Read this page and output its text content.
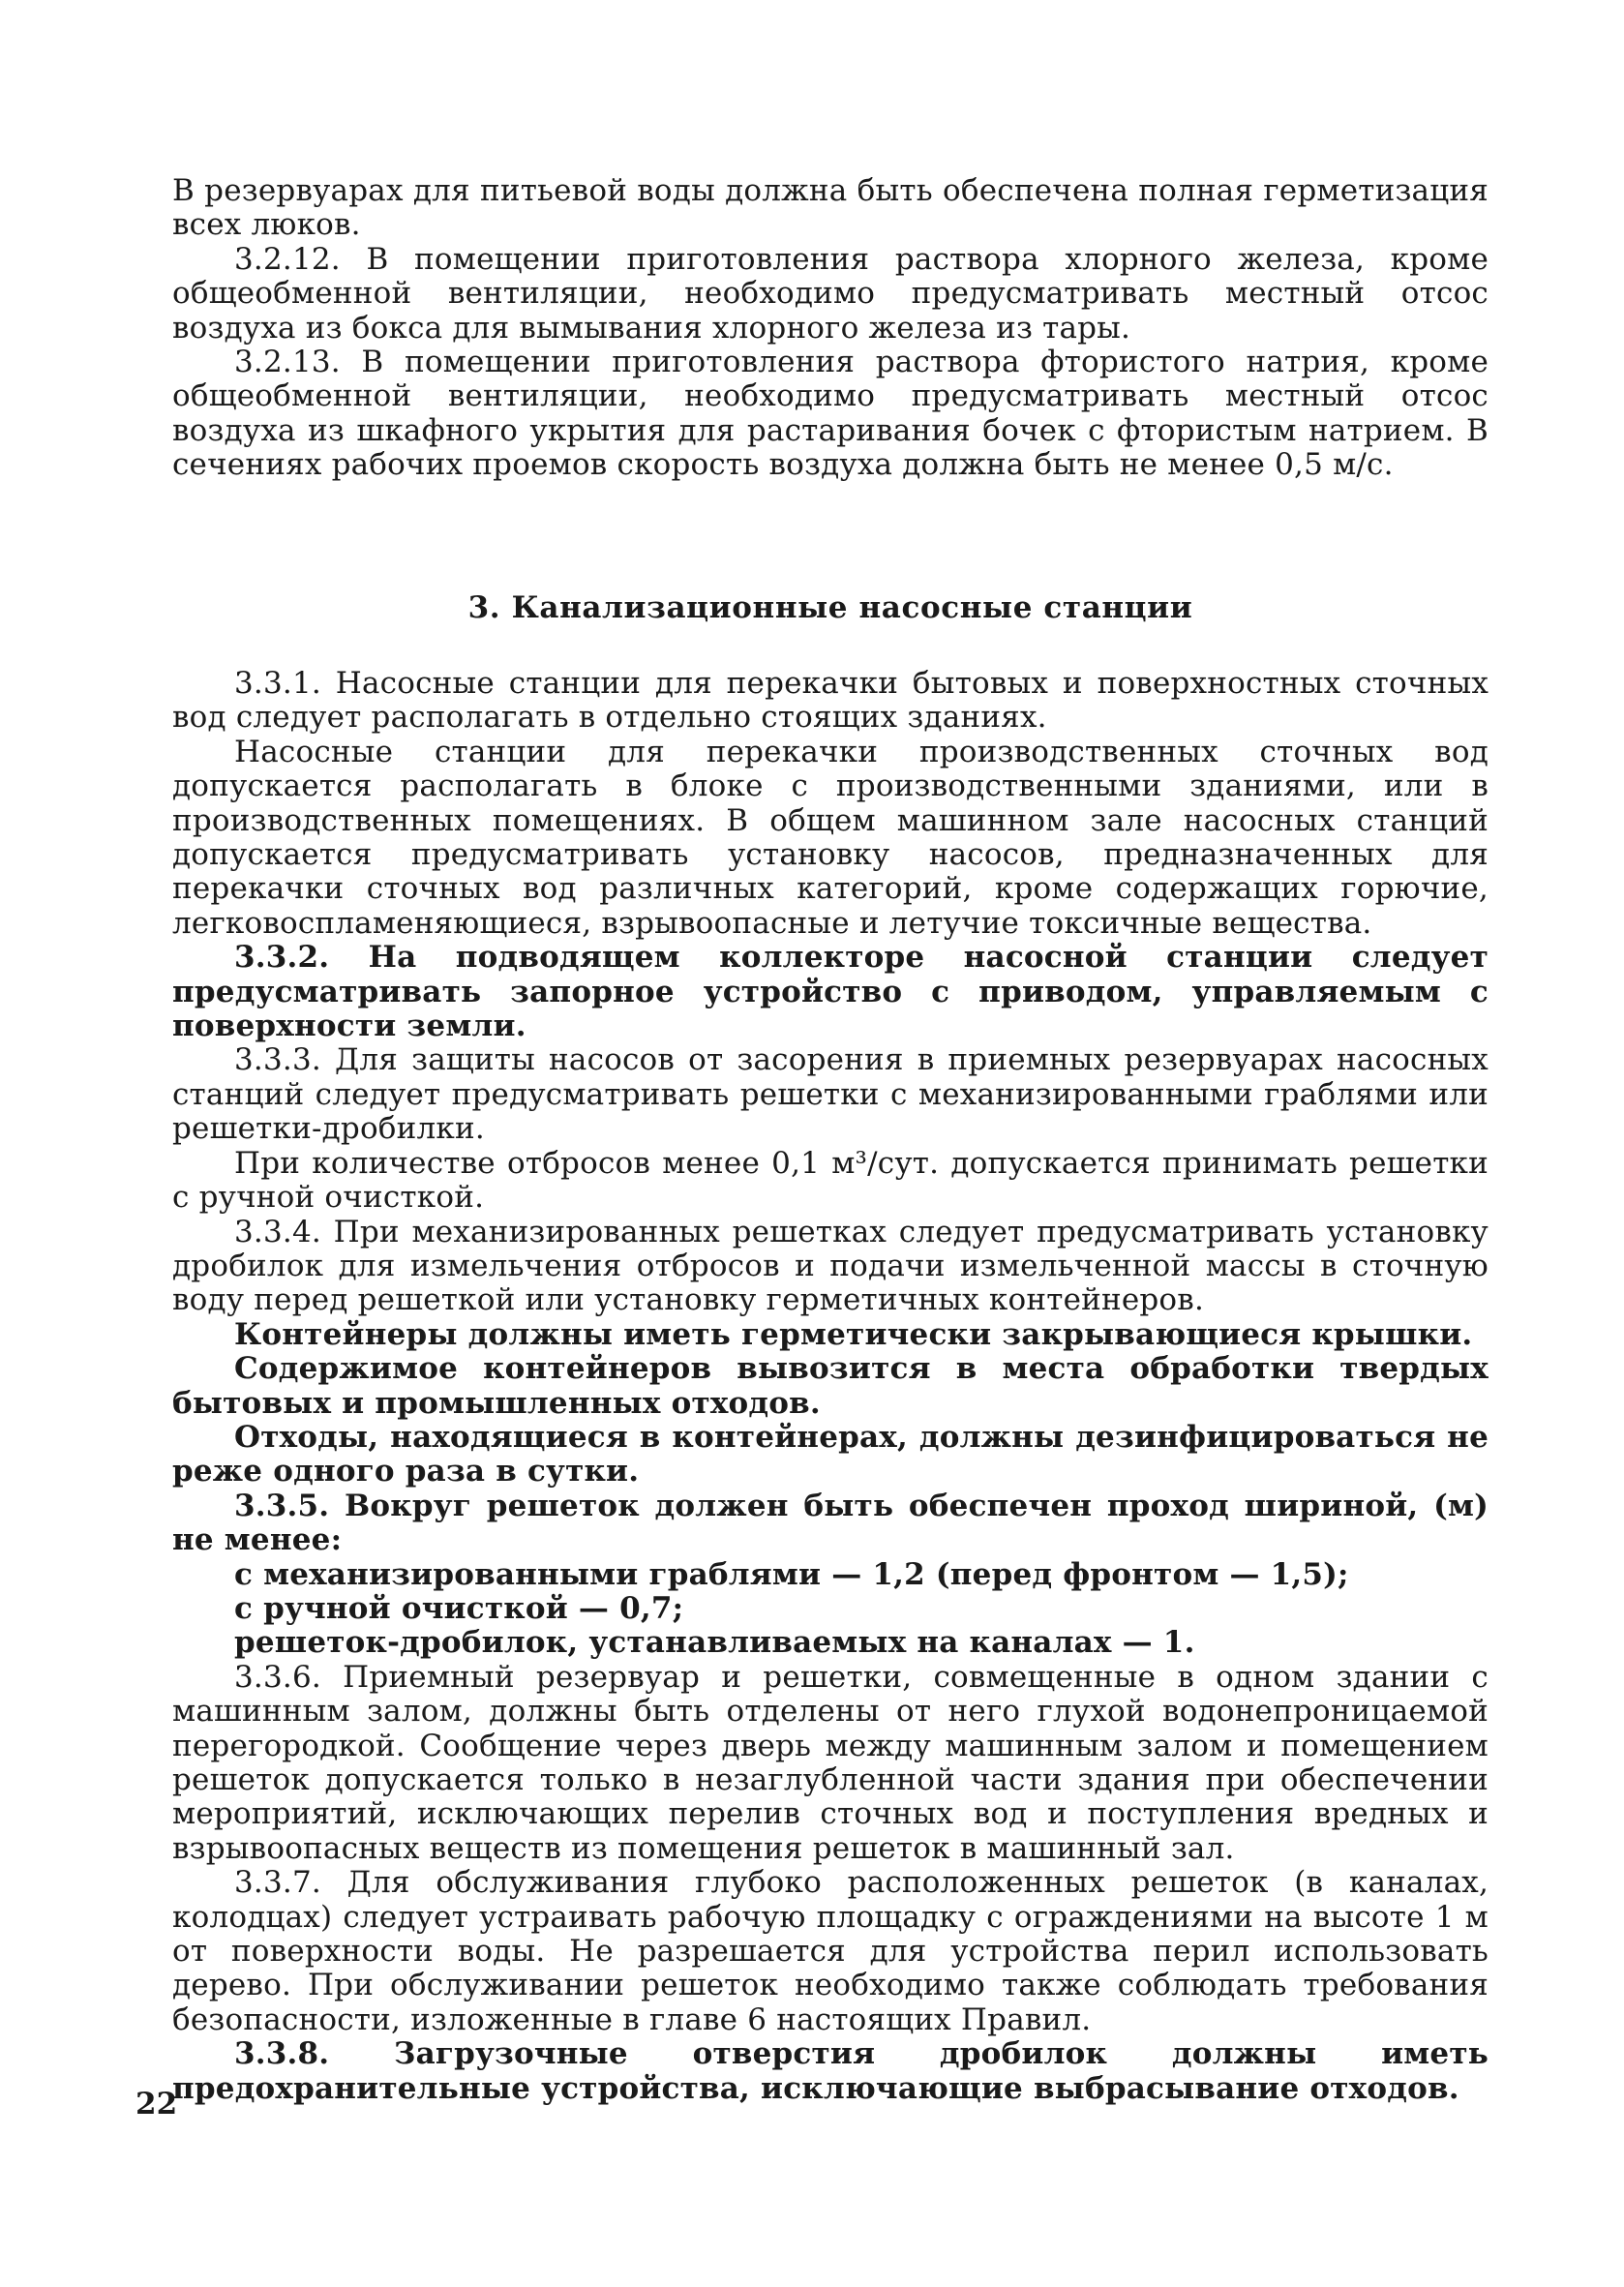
В резервуарах для питьевой воды должна быть обеспечена полная герметизация всех люков.

3.2.12. В помещении приготовления раствора хлорного железа, кроме общеобменной вентиляции, необходимо предусматривать местный отсос воздуха из бокса для вымывания хлорного железа из тары.

3.2.13. В помещении приготовления раствора фтористого натрия, кроме общеобменной вентиляции, необходимо предусматривать местный отсос воздуха из шкафного укрытия для растаривания бочек с фтористым натрием. В сечениях рабочих проемов скорость воздуха должна быть не менее 0,5 м/с.

3. Канализационные насосные станции

3.3.1. Насосные станции для перекачки бытовых и поверхностных сточных вод следует располагать в отдельно стоящих зданиях.

Насосные станции для перекачки производственных сточных вод допускается располагать в блоке с производственными зданиями, или в производственных помещениях. В общем машинном зале насосных станций допускается предусматривать установку насосов, предназначенных для перекачки сточных вод различных категорий, кроме содержащих горючие, легковоспламеняющиеся, взрывоопасные и летучие токсичные вещества.

3.3.2. На подводящем коллекторе насосной станции следует предусматривать запорное устройство с приводом, управляемым с поверхности земли.

3.3.3. Для защиты насосов от засорения в приемных резервуарах насосных станций следует предусматривать решетки с механизированными граблями или решетки-дробилки.

При количестве отбросов менее 0,1 м³/сут. допускается принимать решетки с ручной очисткой.

3.3.4. При механизированных решетках следует предусматривать установку дробилок для измельчения отбросов и подачи измельченной массы в сточную воду перед решеткой или установку герметичных контейнеров.

Контейнеры должны иметь герметически закрывающиеся крышки.

Содержимое контейнеров вывозится в места обработки твердых бытовых и промышленных отходов.

Отходы, находящиеся в контейнерах, должны дезинфицироваться не реже одного раза в сутки.

3.3.5. Вокруг решеток должен быть обеспечен проход шириной, (м) не менее:

с механизированными граблями — 1,2 (перед фронтом — 1,5);

с ручной очисткой — 0,7;

решеток-дробилок, устанавливаемых на каналах — 1.

3.3.6. Приемный резервуар и решетки, совмещенные в одном здании с машинным залом, должны быть отделены от него глухой водонепроницаемой перегородкой. Сообщение через дверь между машинным залом и помещением решеток допускается только в незаглубленной части здания при обеспечении мероприятий, исключающих перелив сточных вод и поступления вредных и взрывоопасных веществ из помещения решеток в машинный зал.

3.3.7. Для обслуживания глубоко расположенных решеток (в каналах, колодцах) следует устраивать рабочую площадку с ограждениями на высоте 1 м от поверхности воды. Не разрешается для устройства перил использовать дерево. При обслуживании решеток необходимо также соблюдать требования безопасности, изложенные в главе 6 настоящих Правил.

3.3.8. Загрузочные отверстия дробилок должны иметь предохранительные устройства, исключающие выбрасывание отходов.

22
